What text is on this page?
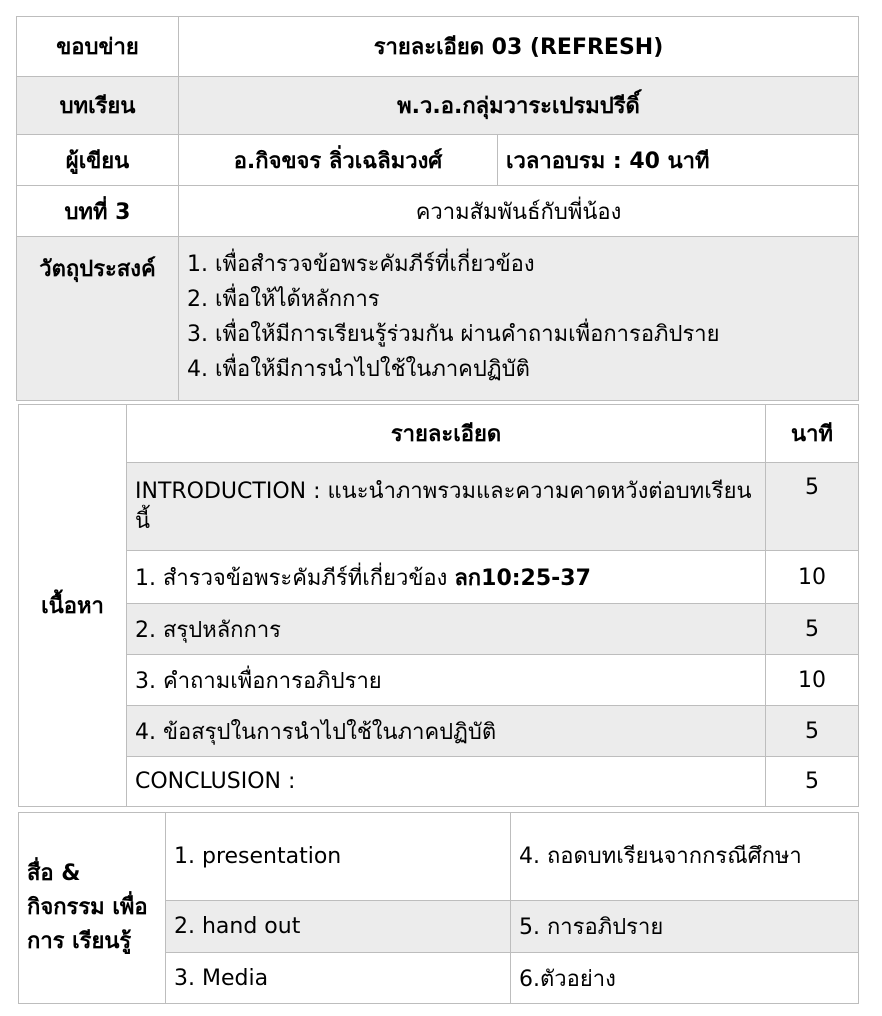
ขอบข่าย	รายละเอียด 03 (REFRESH)	
บทเรียน	พ.ว.อ.กลุ่มวาระเปรมปรีดิ์	
ผู้เขียน	อ.กิจขจร ลิ่วเฉลิมวงศ์	เวลาอบรม : 40 นาที
บทที่ 3	ความสัมพันธ์กับพี่น้อง	
วัตถุประสงค์	1. เพื่อสำรวจข้อพระคัมภีร์ที่เกี่ยวข้อง
2. เพื่อให้ได้หลักการ
3. เพื่อให้มีการเรียนรู้ร่วมกัน ผ่านคำถามเพื่อการอภิปราย
4. เพื่อให้มีการนำไปใช้ในภาคปฏิบัติ	
เนื้อหา	รายละเอียด	นาที
	INTRODUCTION : แนะนำภาพรวมและความคาดหวังต่อบทเรียนนี้	5
	1. สำรวจข้อพระคัมภีร์ที่เกี่ยวข้อง ลก10:25-37	10
	2. สรุปหลักการ	5
	3. คำถามเพื่อการอภิปราย	10
	4. ข้อสรุปในการนำไปใช้ในภาคปฏิบัติ	5
	CONCLUSION :	5
สื่อ & กิจกรรม เพื่อการ เรียนรู้	1. presentation	4. ถอดบทเรียนจากกรณีศึกษา
	2. hand out	5. การอภิปราย
	3. Media	6.ตัวอย่าง
